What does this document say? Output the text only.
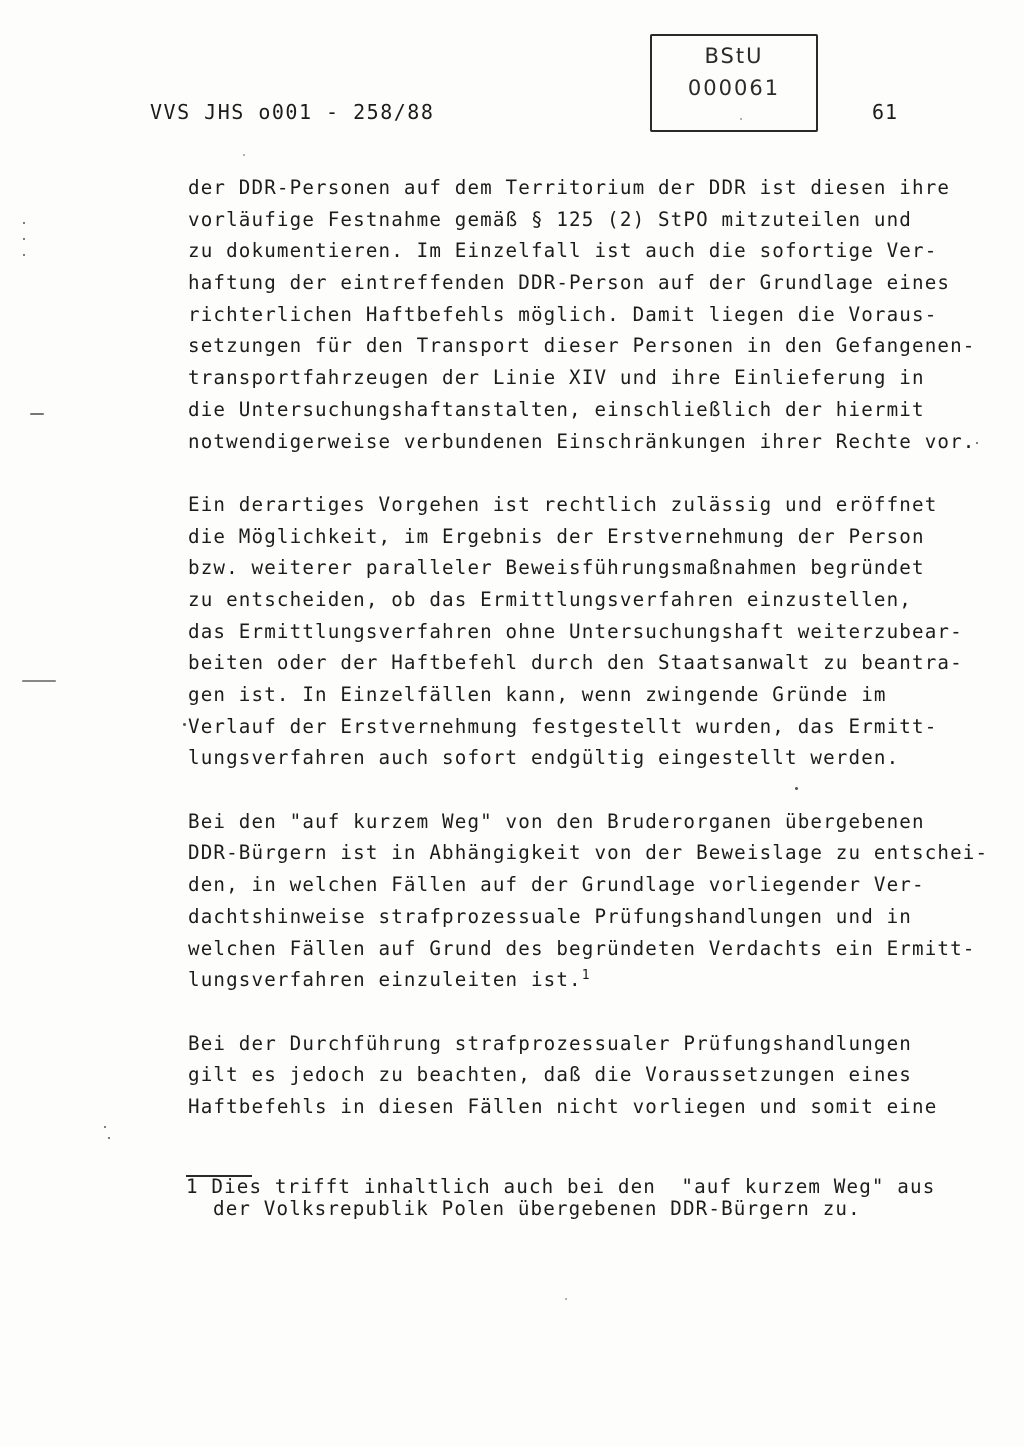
VVS JHS o001 - 258/88
BStU
000061
61
der DDR-Personen auf dem Territorium der DDR ist diesen ihre
vorläufige Festnahme gemäß § 125 (2) StPO mitzuteilen und
zu dokumentieren. Im Einzelfall ist auch die sofortige Ver-
haftung der eintreffenden DDR-Person auf der Grundlage eines
richterlichen Haftbefehls möglich. Damit liegen die Voraus-
setzungen für den Transport dieser Personen in den Gefangenen-
transportfahrzeugen der Linie XIV und ihre Einlieferung in
die Untersuchungshaftanstalten, einschließlich der hiermit
notwendigerweise verbundenen Einschränkungen ihrer Rechte vor.
Ein derartiges Vorgehen ist rechtlich zulässig und eröffnet
die Möglichkeit, im Ergebnis der Erstvernehmung der Person
bzw. weiterer paralleler Beweisführungsmaßnahmen begründet
zu entscheiden, ob das Ermittlungsverfahren einzustellen,
das Ermittlungsverfahren ohne Untersuchungshaft weiterzubear-
beiten oder der Haftbefehl durch den Staatsanwalt zu beantra-
gen ist. In Einzelfällen kann, wenn zwingende Gründe im
Verlauf der Erstvernehmung festgestellt wurden, das Ermitt-
lungsverfahren auch sofort endgültig eingestellt werden.
Bei den "auf kurzem Weg" von den Bruderorganen übergebenen
DDR-Bürgern ist in Abhängigkeit von der Beweislage zu entschei-
den, in welchen Fällen auf der Grundlage vorliegender Ver-
dachtshinweise strafprozessuale Prüfungshandlungen und in
welchen Fällen auf Grund des begründeten Verdachts ein Ermitt-
lungsverfahren einzuleiten ist.$^1$
Bei der Durchführung strafprozessualer Prüfungshandlungen
gilt es jedoch zu beachten, daß die Voraussetzungen eines
Haftbefehls in diesen Fällen nicht vorliegen und somit eine
1 Dies trifft inhaltlich auch bei den  "auf kurzem Weg" aus
der Volksrepublik Polen übergebenen DDR-Bürgern zu.
